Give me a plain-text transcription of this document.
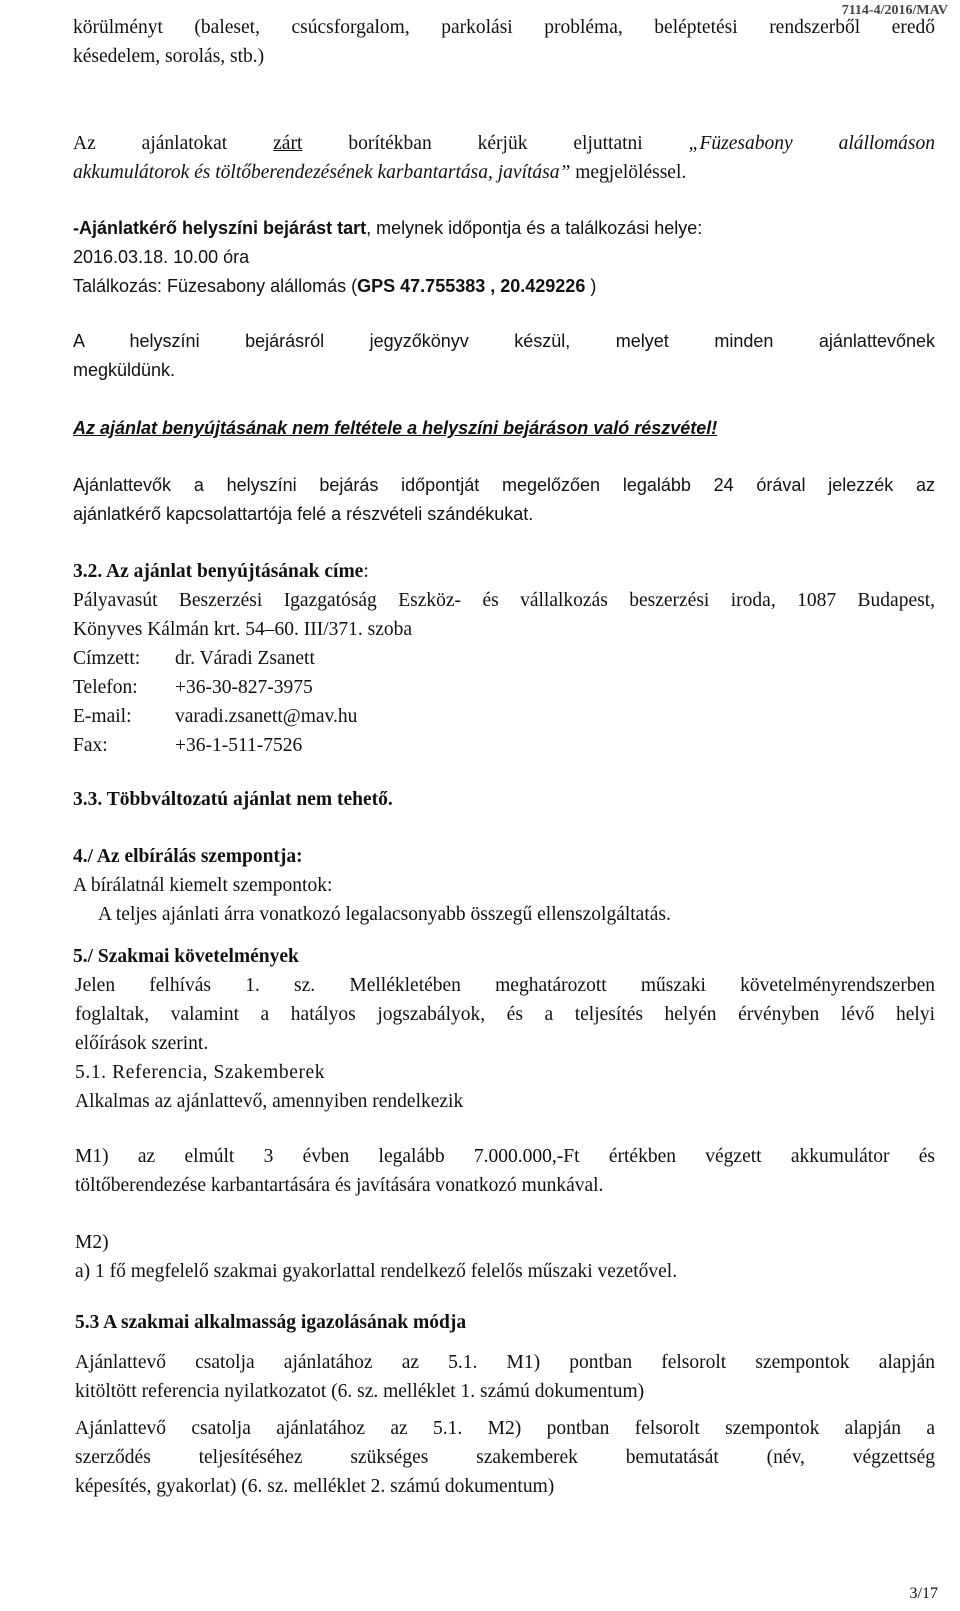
7114-4/2016/MAV
körülményt (baleset, csúcsforgalom, parkolási probléma, beléptetési rendszerből eredő
késedelem, sorolás, stb.)
Az ajánlatokat zárt borítékban kérjük eljuttatni „Füzesabony alállomáson
akkumulátorok és töltőberendezésének karbantartása, javítása” megjelöléssel.
-Ajánlatkérő helyszíni bejárást tart, melynek időpontja és a találkozási helye:
2016.03.18. 10.00 óra
Találkozás: Füzesabony alállomás (GPS 47.755383 , 20.429226 )
A helyszíni bejárásról jegyzőkönyv készül, melyet minden ajánlattevőnek
megküldünk.
Az ajánlat benyújtásának nem feltétele a helyszíni bejáráson való részvétel!
Ajánlattevők a helyszíni bejárás időpontját megelőzően legalább 24 órával jelezzék az
ajánlatkérő kapcsolattartója felé a részvételi szándékukat.
3.2. Az ajánlat benyújtásának címe:
Pályavasút Beszerzési Igazgatóság Eszköz- és vállalkozás beszerzési iroda, 1087 Budapest,
Könyves Kálmán krt. 54–60. III/371. szoba
Címzett: dr. Váradi Zsanett
Telefon: +36-30-827-3975
E-mail: varadi.zsanett@mav.hu
Fax:	+36-1-511-7526
3.3. Többváltozatú ajánlat nem tehető.
4./ Az elbírálás szempontja:
A bírálatnál kiemelt szempontok:
A teljes ajánlati árra vonatkozó legalacsonyabb összegű ellenszolgáltatás.
5./ Szakmai követelmények
Jelen felhívás 1. sz. Mellékletében meghatározott műszaki követelményrendszerben
foglaltak, valamint a hatályos jogszabályok, és a teljesítés helyén érvényben lévő helyi
előírások szerint.
5.1. Referencia, Szakemberek
Alkalmas az ajánlattevő, amennyiben rendelkezik
M1) az elmúlt 3 évben legalább 7.000.000,-Ft értékben végzett akkumulátor és
töltőberendezése karbantartására és javítására vonatkozó munkával.
M2)
a) 1 fő megfelelő szakmai gyakorlattal rendelkező felelős műszaki vezetővel.
5.3 A szakmai alkalmasság igazolásának módja
Ajánlattevő csatolja ajánlatához az 5.1. M1) pontban felsorolt szempontok alapján
kitöltött referencia nyilatkozatot (6. sz. melléklet 1. számú dokumentum)
Ajánlattevő csatolja ajánlatához az 5.1. M2) pontban felsorolt szempontok alapján a
szerződés teljesítéséhez szükséges szakemberek bemutatását (név, végzettség
képesítés, gyakorlat) (6. sz. melléklet 2. számú dokumentum)
3/17
